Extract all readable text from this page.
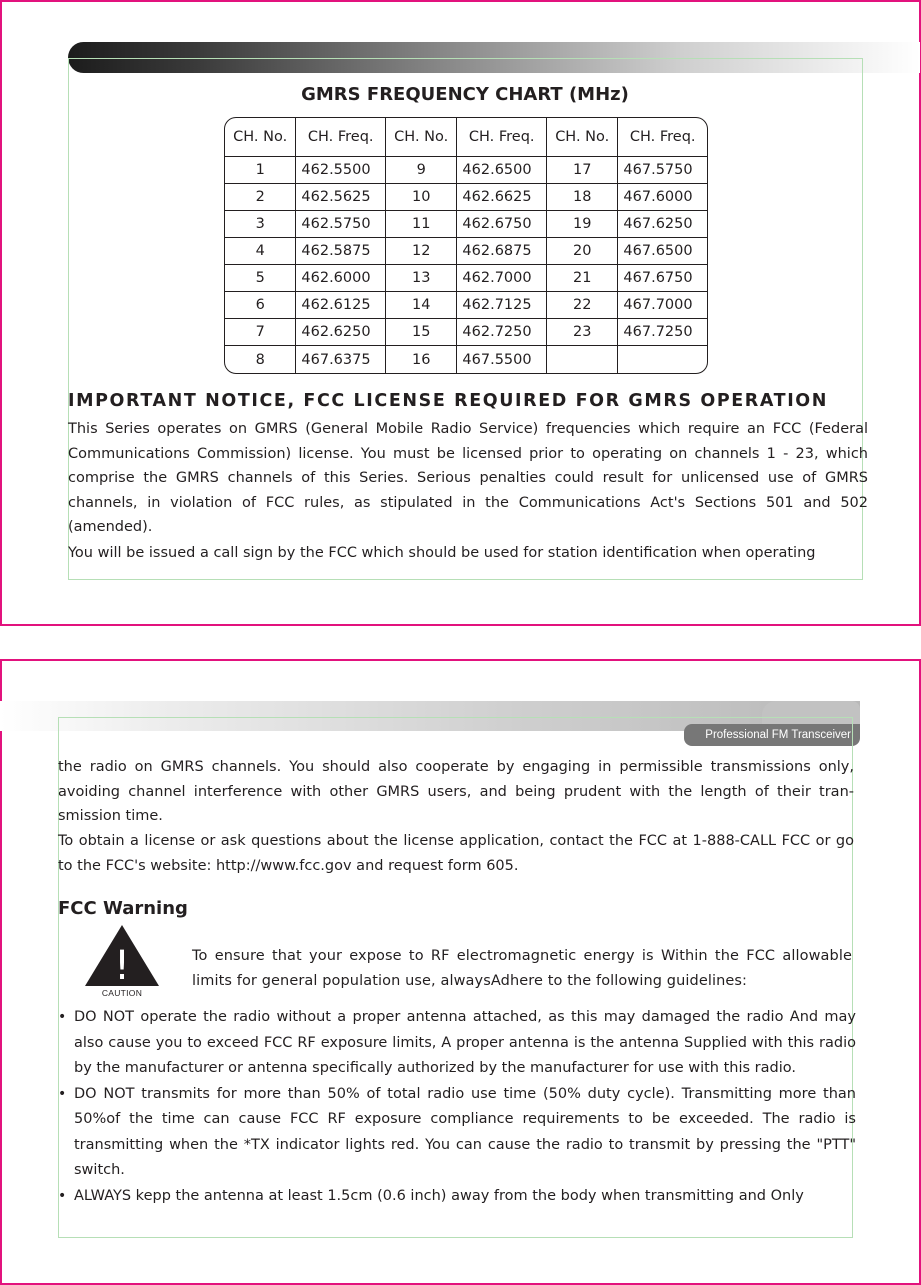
GMRS FREQUENCY CHART (MHz)
CH. No.	CH. Freq.	CH. No.	CH. Freq.	CH. No.	CH. Freq.
1	462.5500	9	462.6500	17	467.5750
2	462.5625	10	462.6625	18	467.6000
3	462.5750	11	462.6750	19	467.6250
4	462.5875	12	462.6875	20	467.6500
5	462.6000	13	462.7000	21	467.6750
6	462.6125	14	462.7125	22	467.7000
7	462.6250	15	462.7250	23	467.7250
8	467.6375	16	467.5500		
IMPORTANT NOTICE, FCC LICENSE REQUIRED FOR GMRS OPERATION

This Series operates on GMRS (General Mobile Radio Service) frequencies which require an FCC (Federal Communications Commission) license. You must be licensed prior to operating on channels 1 - 23, which comprise the GMRS channels of this Series. Serious penalties could result for unlicensed use of GMRS channels, in violation of FCC rules, as stipulated in the Communications Act's Sections 501 and 502 (amended).

You will be issued a call sign by the FCC which should be used for station identification when operating

Professional FM Transceiver

the radio on GMRS channels. You should also cooperate by engaging in permissible transmissions only, avoiding channel interference with other GMRS users, and being prudent with the length of their tran-smission time.

To obtain a license or ask questions about the license application, contact the FCC at 1-888-CALL FCC or go to the FCC's website: http://www.fcc.gov and request form 605.

FCC Warning
!
CAUTION

To ensure that your expose to RF electromagnetic energy is Within the FCC allowable limits for general population use, alwaysAdhere to the following guidelines:

• DO NOT operate the radio without a proper antenna attached, as this may damaged the radio And may also cause you to exceed FCC RF exposure limits, A proper antenna is the antenna Supplied with this radio by the manufacturer or antenna specifically authorized by the manufacturer for use with this radio.
• DO NOT transmits for more than 50% of total radio use time (50% duty cycle). Transmitting more than 50%of the time can cause FCC RF exposure compliance requirements to be exceeded. The radio is transmitting when the *TX indicator lights red. You can cause the radio to transmit by pressing the "PTT" switch.
• ALWAYS kepp the antenna at least 1.5cm (0.6 inch) away from the body when transmitting and Only
